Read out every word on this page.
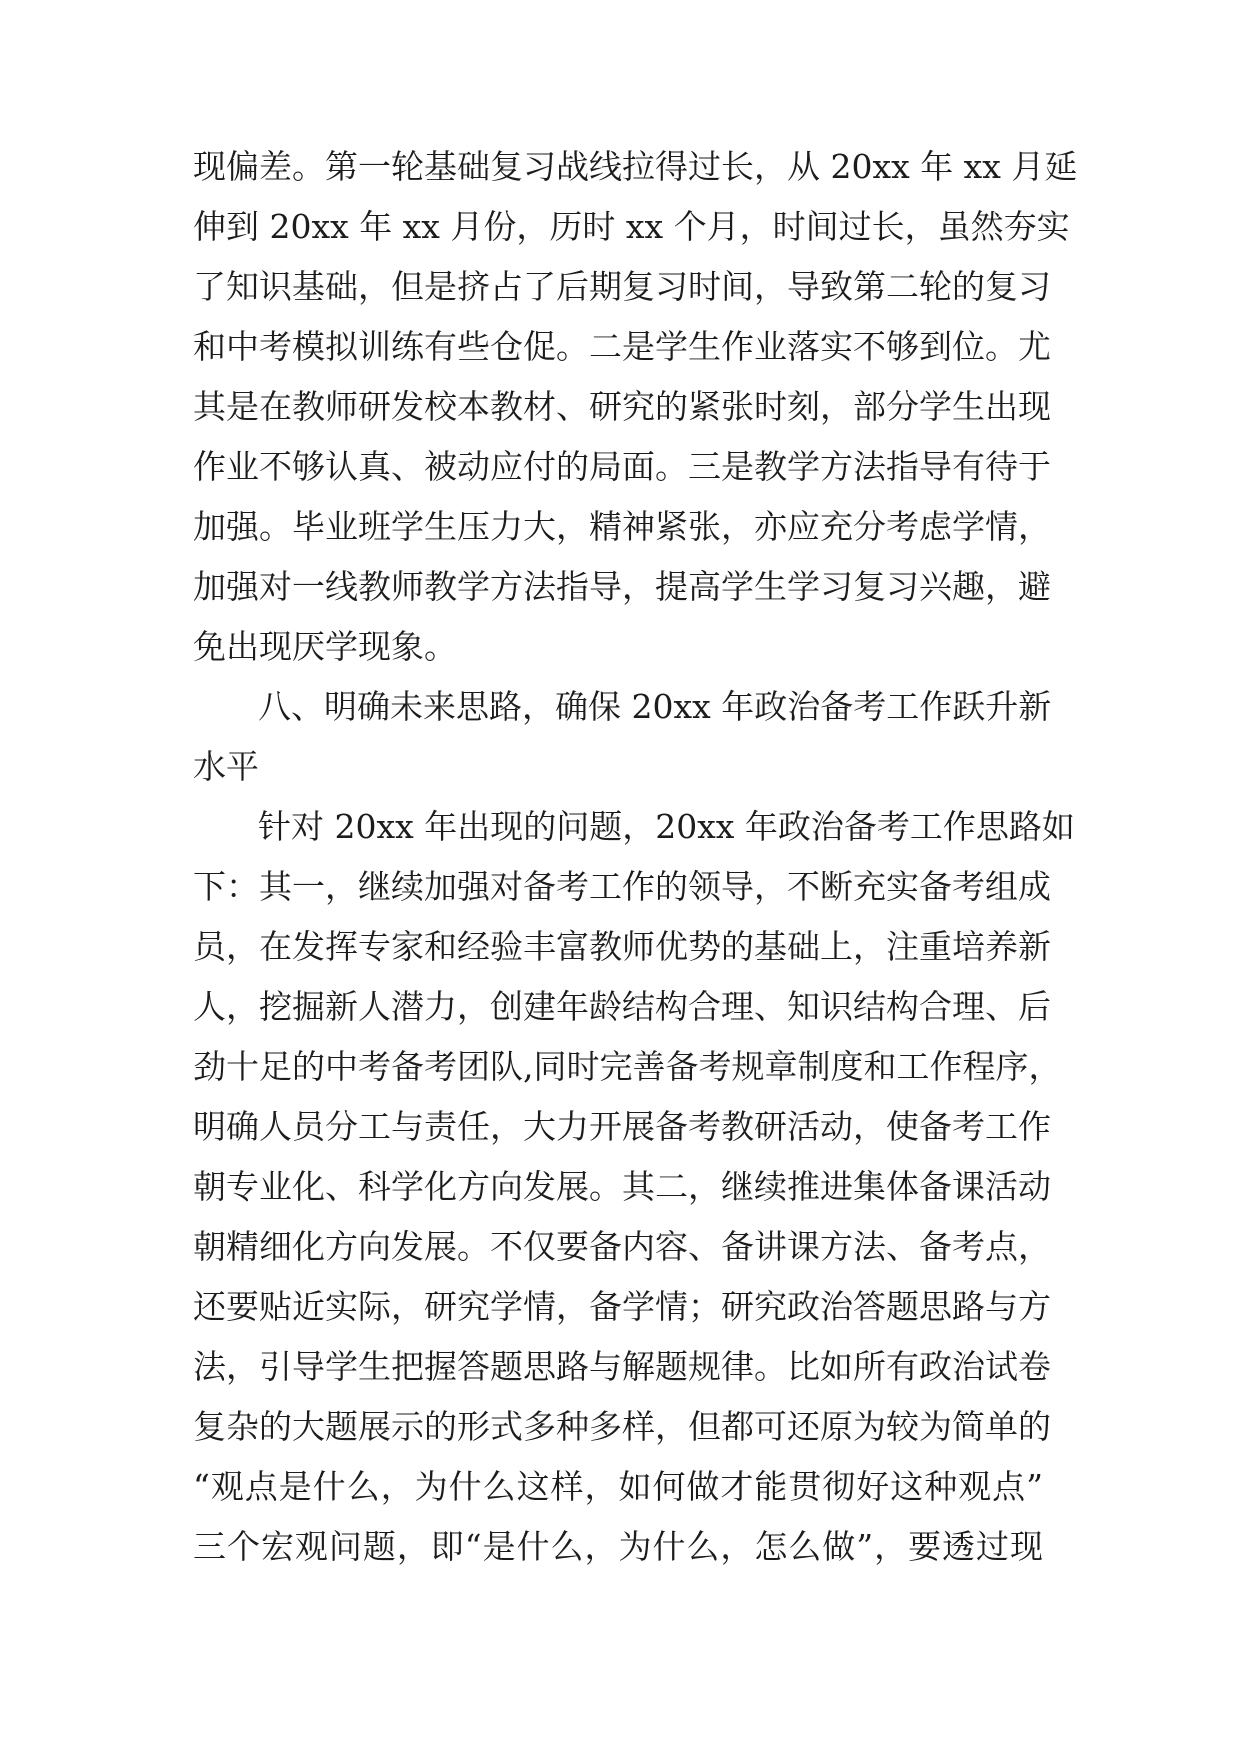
现偏差。第一轮基础复习战线拉得过长，从 20xx 年 xx 月延
伸到 20xx 年 xx 月份，历时 xx 个月，时间过长，虽然夯实
了知识基础，但是挤占了后期复习时间，导致第二轮的复习
和中考模拟训练有些仓促。二是学生作业落实不够到位。尤
其是在教师研发校本教材、研究的紧张时刻，部分学生出现
作业不够认真、被动应付的局面。三是教学方法指导有待于
加强。毕业班学生压力大，精神紧张，亦应充分考虑学情，
加强对一线教师教学方法指导，提高学生学习复习兴趣，避
免出现厌学现象。
八、明确未来思路，确保 20xx 年政治备考工作跃升新
水平
针对 20xx 年出现的问题，20xx 年政治备考工作思路如
下：其一，继续加强对备考工作的领导，不断充实备考组成
员，在发挥专家和经验丰富教师优势的基础上，注重培养新
人，挖掘新人潜力，创建年龄结构合理、知识结构合理、后
劲十足的中考备考团队,同时完善备考规章制度和工作程序，
明确人员分工与责任，大力开展备考教研活动，使备考工作
朝专业化、科学化方向发展。其二，继续推进集体备课活动
朝精细化方向发展。不仅要备内容、备讲课方法、备考点，
还要贴近实际，研究学情，备学情；研究政治答题思路与方
法，引导学生把握答题思路与解题规律。比如所有政治试卷
复杂的大题展示的形式多种多样，但都可还原为较为简单的
“观点是什么，为什么这样，如何做才能贯彻好这种观点”
三个宏观问题，即“是什么，为什么，怎么做”，要透过现
